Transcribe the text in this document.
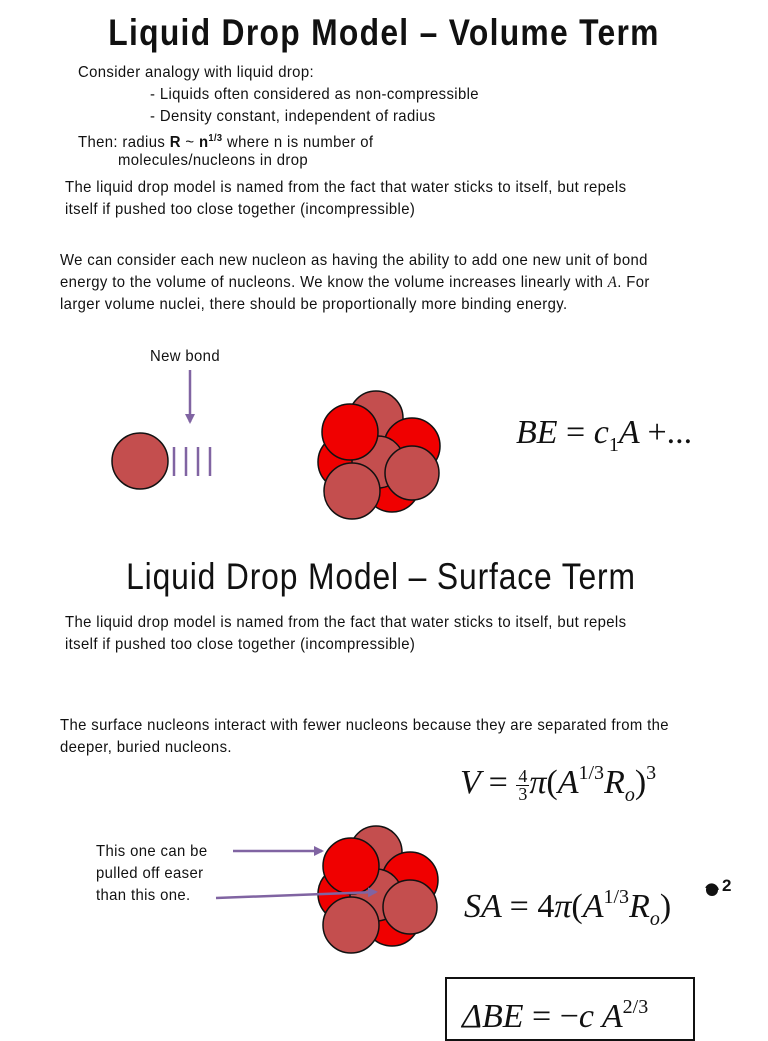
Liquid Drop Model – Volume Term
Consider analogy with liquid drop:
- Liquids often considered as non-compressible
- Density constant, independent of radius
Then: radius R ~ $n^{1/3}$ where n is number of
molecules/nucleons in drop
The liquid drop model is named from the fact that water sticks to itself, but repels
itself if pushed too close together (incompressible)
We can consider each new nucleon as having the ability to add one new unit of bond
energy to the volume of nucleons. We know the volume increases linearly with A. For
larger volume nuclei, there should be proportionally more binding energy.
New bond
BE = $c_1A$ +...
Liquid Drop Model – Surface Term
The liquid drop model is named from the fact that water sticks to itself, but repels
itself if pushed too close together (incompressible)
The surface nucleons interact with fewer nucleons because they are separated from the
deeper, buried nucleons.
This one can be
pulled off easer
than this one.
$V = \frac{4}{3} \pi(A^{1/3}R_o)^3$
SA = $4\pi(A^{1/3}R_o)$
2
ΔBE = −c $A^{2/3}$
